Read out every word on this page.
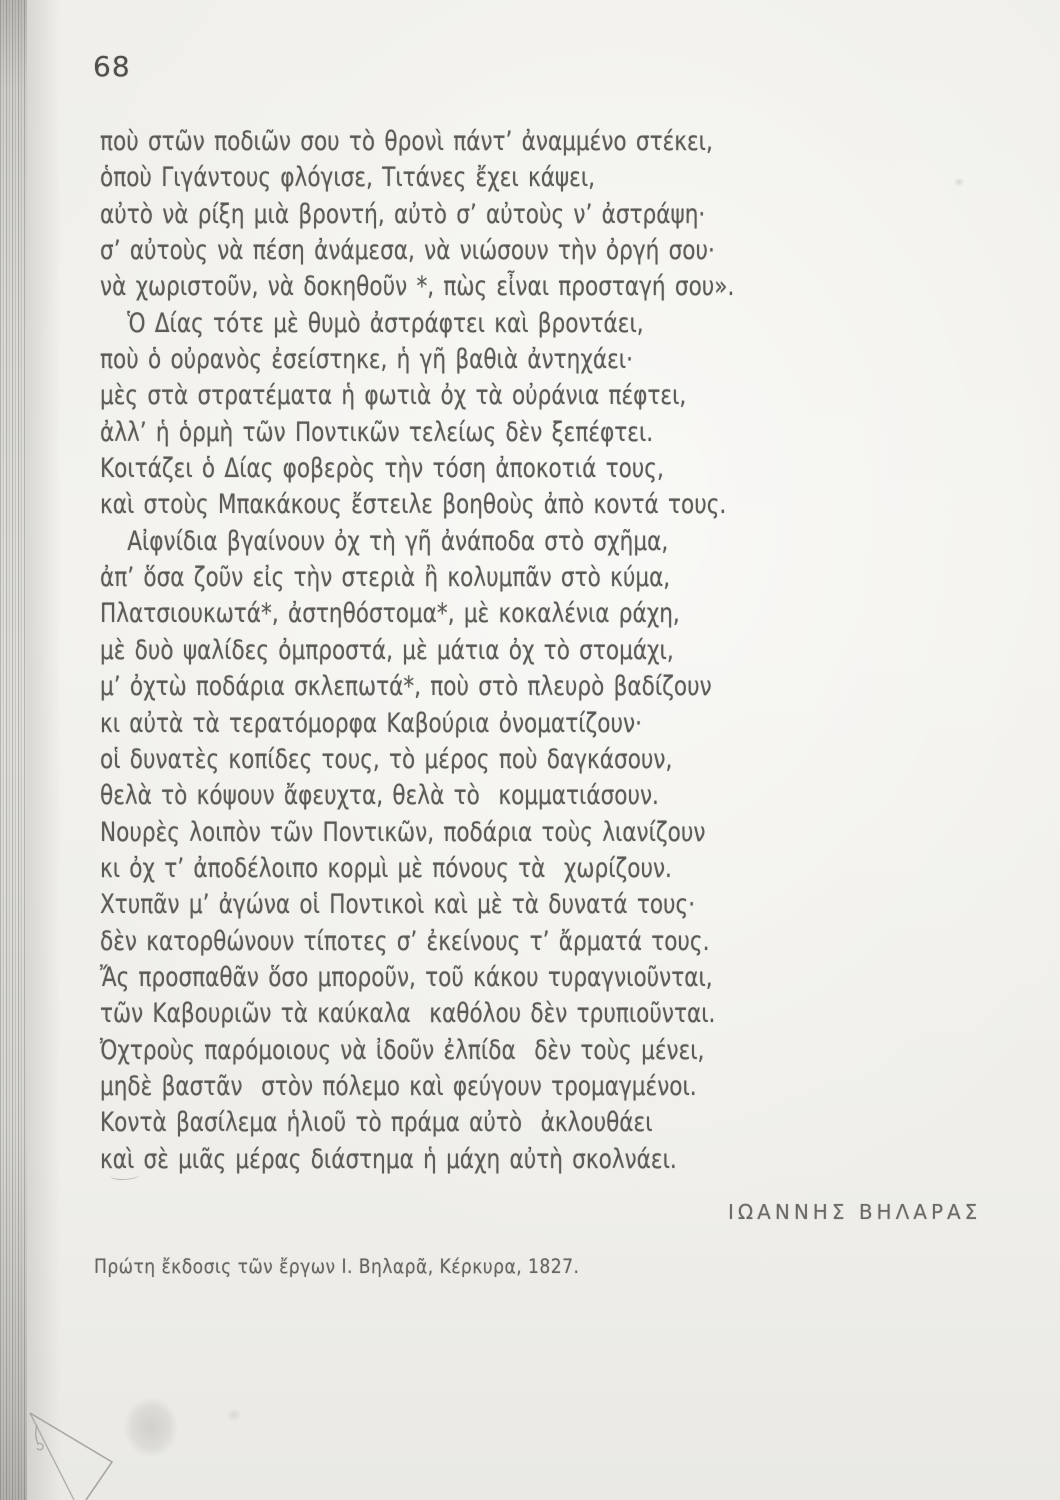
68
ποὺ στῶν ποδιῶν σου τὸ θρονὶ πάντ’ ἀναμμένο στέκει,
ὁποὺ Γιγάντους φλόγισε, Τιτάνες ἔχει κάψει,
αὐτὸ νὰ ρίξη μιὰ βροντή, αὐτὸ σ’ αὐτοὺς ν’ ἀστράψη·
σ’ αὐτοὺς νὰ πέση ἀνάμεσα, νὰ νιώσουν τὴν ὀργή σου·
νὰ χωριστοῦν, νὰ δοκηθοῦν *, πὼς εἶναι προσταγή σου».
Ὁ Δίας τότε μὲ θυμὸ ἀστράφτει καὶ βροντάει,
ποὺ ὁ οὐρανὸς ἐσείστηκε, ἡ γῆ βαθιὰ ἀντηχάει·
μὲς στὰ στρατέματα ἡ φωτιὰ ὀχ τὰ οὐράνια πέφτει,
ἀλλ’ ἡ ὁρμὴ τῶν Ποντικῶν τελείως δὲν ξεπέφτει.
Κοιτάζει ὁ Δίας φοβερὸς τὴν τόση ἀποκοτιά τους,
καὶ στοὺς Μπακάκους ἔστειλε βοηθοὺς ἀπὸ κοντά τους.
Αἰφνίδια βγαίνουν ὀχ τὴ γῆ ἀνάποδα στὸ σχῆμα,
ἀπ’ ὅσα ζοῦν εἰς τὴν στεριὰ ἢ κολυμπᾶν στὸ κύμα,
Πλατσιουκωτά*, ἀστηθόστομα*, μὲ κοκαλένια ράχη,
μὲ δυὸ ψαλίδες ὀμπροστά, μὲ μάτια ὀχ τὸ στομάχι,
μ’ ὀχτὼ ποδάρια σκλεπωτά*, ποὺ στὸ πλευρὸ βαδίζουν
κι αὐτὰ τὰ τερατόμορφα Καβούρια ὀνοματίζουν·
οἱ δυνατὲς κοπίδες τους, τὸ μέρος ποὺ δαγκάσουν,
θελὰ τὸ κόψουν ἄφευχτα, θελὰ τὸ  κομματιάσουν.
Νουρὲς λοιπὸν τῶν Ποντικῶν, ποδάρια τοὺς λιανίζουν
κι ὀχ τ’ ἀποδέλοιπο κορμὶ μὲ πόνους τὰ  χωρίζουν.
Χτυπᾶν μ’ ἀγώνα οἱ Ποντικοὶ καὶ μὲ τὰ δυνατά τους·
δὲν κατορθώνουν τίποτες σ’ ἐκείνους τ’ ἄρματά τους.
Ἄς προσπαθᾶν ὅσο μποροῦν, τοῦ κάκου τυραγνιοῦνται,
τῶν Καβουριῶν τὰ καύκαλα  καθόλου δὲν τρυπιοῦνται.
Ὀχτροὺς παρόμοιους νὰ ἰδοῦν ἐλπίδα  δὲν τοὺς μένει,
μηδὲ βαστᾶν  στὸν πόλεμο καὶ φεύγουν τρομαγμένοι.
Κοντὰ βασίλεμα ἡλιοῦ τὸ πράμα αὐτὸ  ἀκλουθάει
καὶ σὲ μιᾶς μέρας διάστημα ἡ μάχη αὐτὴ σκολνάει.
ΙΩΑΝΝΗΣ ΒΗΛΑΡΑΣ
Πρώτη ἔκδοσις τῶν ἔργων Ι. Βηλαρᾶ, Κέρκυρα, 1827.
